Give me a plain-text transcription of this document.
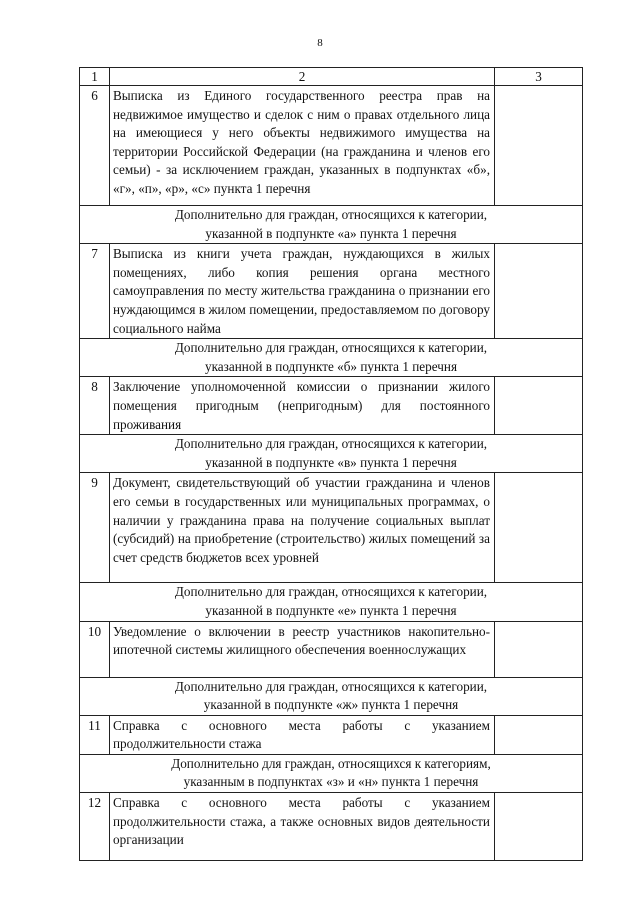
8
1	2	3
6	Выписка из Единого государственного реестра прав на недвижимое имущество и сделок с ним о правах отдельного лица на имеющиеся у него объекты недвижимого имущества на территории Российской Федерации (на гражданина и членов его семьи) - за исключением граждан, указанных в подпунктах «б», «г», «п», «р», «с» пункта 1 перечня	

Дополнительно для граждан, относящихся к категории,
указанной в подпункте «а» пункта 1 перечня		

7	Выписка из книги учета граждан, нуждающихся в жилых помещениях, либо копия решения органа местного самоуправления по месту жительства гражданина о признании его нуждающимся в жилом помещении, предоставляемом по договору социального найма	

Дополнительно для граждан, относящихся к категории,
указанной в подпункте «б» пункта 1 перечня		

8	Заключение уполномоченной комиссии о признании жилого помещения пригодным (непригодным) для постоянного проживания	

Дополнительно для граждан, относящихся к категории,
указанной в подпункте «в» пункта 1 перечня		

9	Документ, свидетельствующий об участии гражданина и членов его семьи в государственных или муниципальных программах, о наличии у гражданина права на получение социальных выплат (субсидий) на приобретение (строительство) жилых помещений за счет средств бюджетов всех уровней	

Дополнительно для граждан, относящихся к категории,
указанной в подпункте «е» пункта 1 перечня		

10	Уведомление о включении в реестр участников накопительно-ипотечной системы жилищного обеспечения военнослужащих	

Дополнительно для граждан, относящихся к категории,
указанной в подпункте «ж» пункта 1 перечня		

11	Справка с основного места работы с указанием продолжительности стажа	

Дополнительно для граждан, относящихся к категориям,
указанным в подпунктах «з» и «н» пункта 1 перечня		

12	Справка с основного места работы с указанием продолжительности стажа, а также основных видов деятельности организации	
